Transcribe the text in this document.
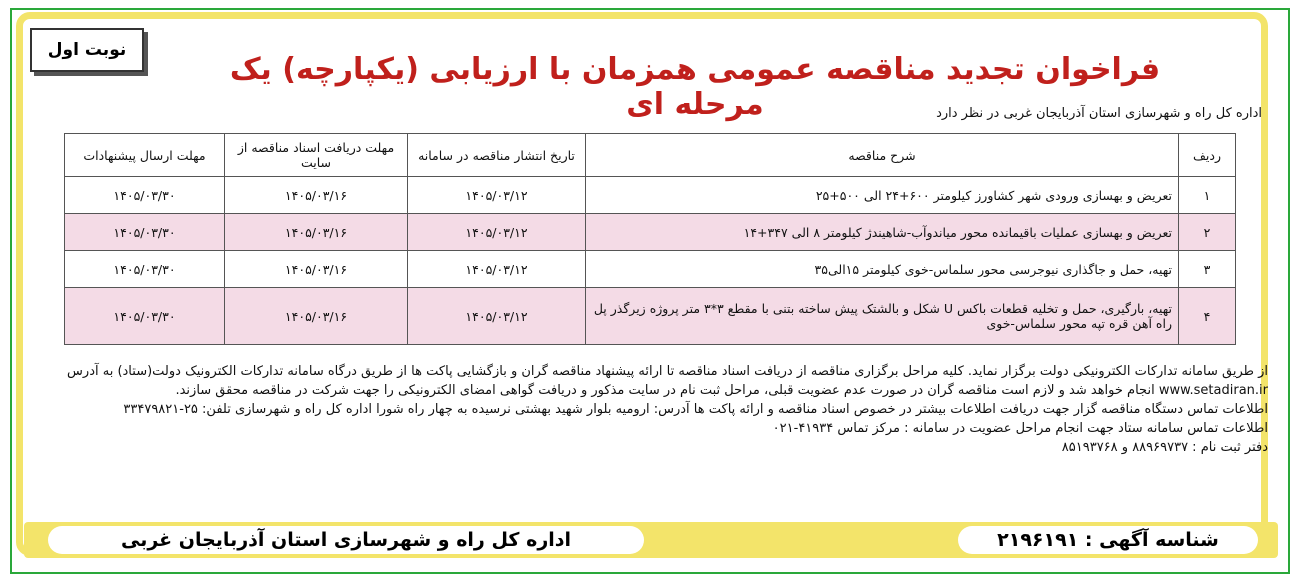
نوبت اول
فراخوان تجدید مناقصه عمومی همزمان با ارزیابی (یکپارچه) یک مرحله ای	اداره کل راه و شهرسازی استان آذربایجان غربی در نظر دارد
ردیف	شرح مناقصه	تاریخ انتشار مناقصه در سامانه	مهلت دریافت اسناد مناقصه از سایت	مهلت ارسال پیشنهادات
۱	تعریض و بهسازی ورودی شهر کشاورز کیلومتر ۶۰۰+۲۴ الی ۵۰۰+۲۵	۱۴۰۵/۰۳/۱۲	۱۴۰۵/۰۳/۱۶	۱۴۰۵/۰۳/۳۰
۲	تعریض و بهسازی عملیات باقیمانده محور میاندوآب-شاهیندژ کیلومتر ۸ الی ۳۴۷+۱۴	۱۴۰۵/۰۳/۱۲	۱۴۰۵/۰۳/۱۶	۱۴۰۵/۰۳/۳۰
۳	تهیه، حمل و جاگذاری نیوجرسی محور سلماس-خوی کیلومتر ۱۵الی۳۵	۱۴۰۵/۰۳/۱۲	۱۴۰۵/۰۳/۱۶	۱۴۰۵/۰۳/۳۰
۴	تهیه، بارگیری، حمل و تخلیه قطعات باکس U شکل و بالشتک پیش ساخته بتنی با مقطع ۳*۳ متر پروژه زیرگذر پل راه آهن قره تپه محور سلماس-خوی	۱۴۰۵/۰۳/۱۲	۱۴۰۵/۰۳/۱۶	۱۴۰۵/۰۳/۳۰

از طریق سامانه تدارکات الکترونیکی دولت برگزار نماید. کلیه مراحل برگزاری مناقصه از دریافت اسناد مناقصه تا ارائه پیشنهاد مناقصه گران و بازگشایی پاکت ها از طریق درگاه سامانه تدارکات الکترونیک دولت(ستاد) به آدرس www.setadiran.ir انجام خواهد شد و لازم است مناقصه گران در صورت عدم عضویت قبلی، مراحل ثبت نام در سایت مذکور و دریافت گواهی امضای الکترونیکی را جهت شرکت در مناقصه محقق سازند.

اطلاعات تماس دستگاه مناقصه گزار جهت دریافت اطلاعات بیشتر در خصوص اسناد مناقصه و ارائه پاکت ها آدرس: ارومیه بلوار شهید بهشتی نرسیده به چهار راه شورا اداره کل راه و شهرسازی تلفن: ۲۵-۳۳۴۷۹۸۲۱

اطلاعات تماس سامانه ستاد جهت انجام مراحل عضویت در سامانه : مرکز تماس ۴۱۹۳۴-۰۲۱

دفتر ثبت نام : ۸۸۹۶۹۷۳۷ و ۸۵۱۹۳۷۶۸

اداره کل راه و شهرسازی استان آذربایجان غربی	شناسه آگهی : ۲۱۹۶۱۹۱
